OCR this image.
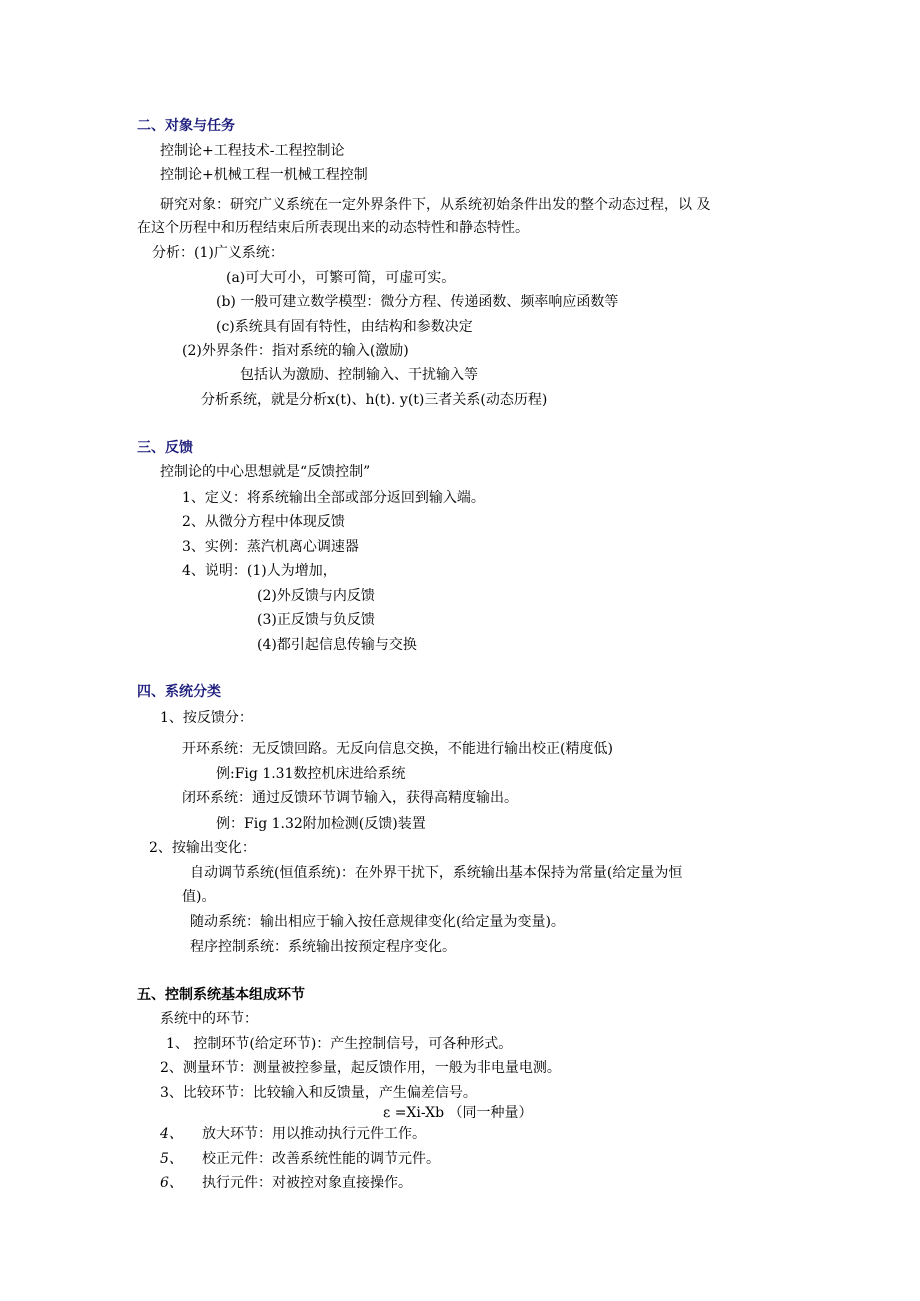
二、对象与任务
控制论+工程技术-工程控制论
控制论+机械工程一机械工程控制
研究对象：研究广义系统在一定外界条件下，从系统初始条件出发的整个动态过程，以 及
在这个历程中和历程结束后所表现出来的动态特性和静态特性。
分析：(1)广义系统：
(a)可大可小，可繁可简，可虚可实。
(b) 一般可建立数学模型：微分方程、传递函数、频率响应函数等
(c)系统具有固有特性，由结构和参数决定
(2)外界条件：指对系统的输入(激励)
包括认为激励、控制输入、干扰输入等
分析系统，就是分析x(t)、h(t). y(t)三者关系(动态历程)
三、反馈
控制论的中心思想就是“反馈控制”
1、定义：将系统输出全部或部分返回到输入端。
2、从微分方程中体现反馈
3、实例：蒸汽机离心调速器
4、说明：(1)人为增加，
(2)外反馈与内反馈
(3)正反馈与负反馈
(4)都引起信息传输与交换
四、系统分类
1、按反馈分：
开环系统：无反馈回路。无反向信息交换，不能进行输出校正(精度低)
例:Fig 1.31数控机床进给系统
闭环系统：通过反馈环节调节输入，获得高精度输出。
例：Fig 1.32附加检测(反馈)装置
2、按输出变化：
自动调节系统(恒值系统)：在外界干扰下，系统输出基本保持为常量(给定量为恒
值)。
随动系统：输出相应于输入按任意规律变化(给定量为变量)。
程序控制系统：系统输出按预定程序变化。
五、控制系统基本组成环节
系统中的环节：
1、 控制环节(给定环节)：产生控制信号，可各种形式。
2、测量环节：测量被控参量，起反馈作用，一般为非电量电测。
3、比较环节：比较输入和反馈量，产生偏差信号。
ε =Xi-Xb （同一种量）
4、 放大环节：用以推动执行元件工作。
5、 校正元件：改善系统性能的调节元件。
6、 执行元件：对被控对象直接操作。
